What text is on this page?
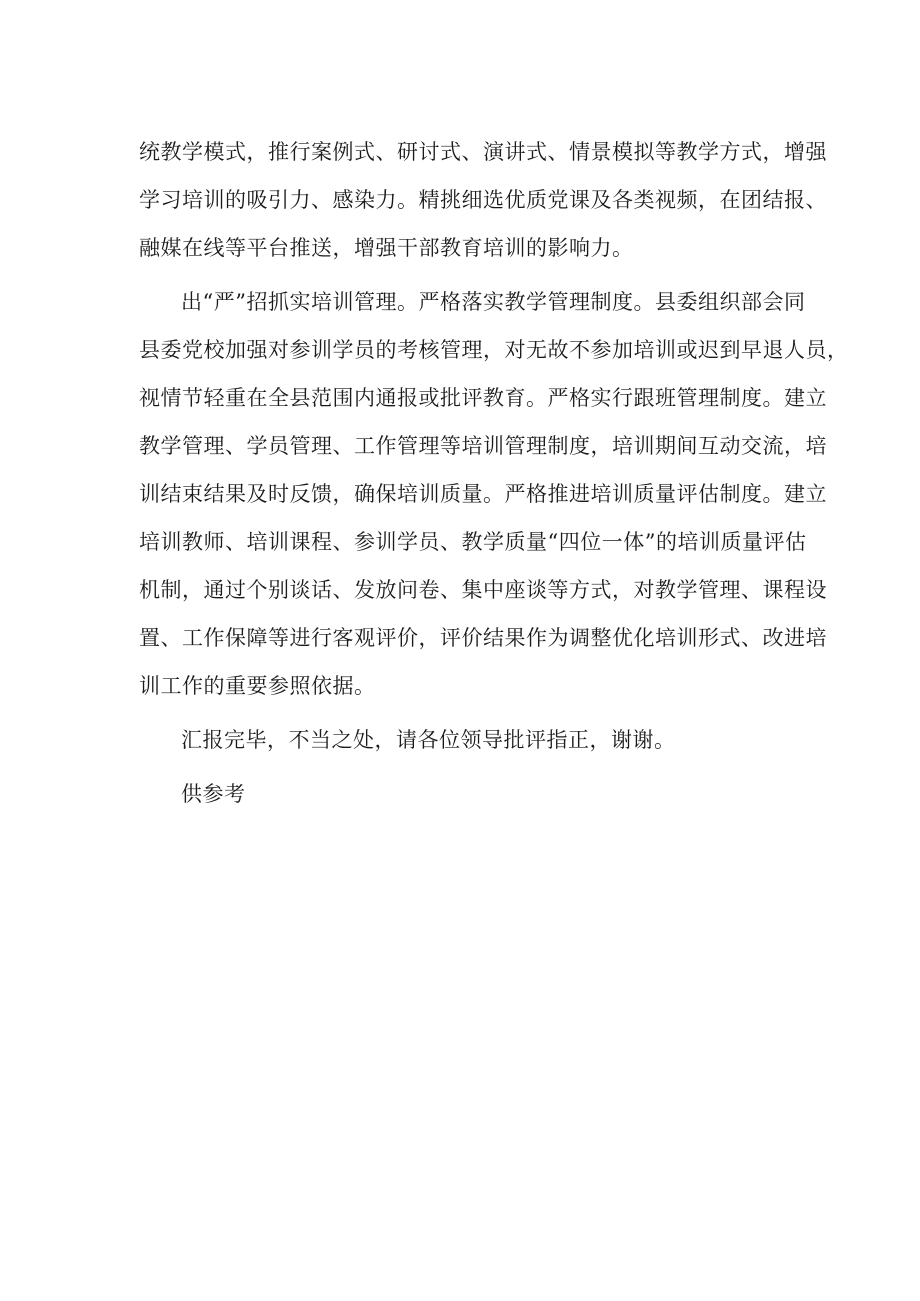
统教学模式，推行案例式、研讨式、演讲式、情景模拟等教学方式，增强
学习培训的吸引力、感染力。精挑细选优质党课及各类视频，在团结报、
融媒在线等平台推送，增强干部教育培训的影响力。
出“严”招抓实培训管理。严格落实教学管理制度。县委组织部会同
县委党校加强对参训学员的考核管理，对无故不参加培训或迟到早退人员，
视情节轻重在全县范围内通报或批评教育。严格实行跟班管理制度。建立
教学管理、学员管理、工作管理等培训管理制度，培训期间互动交流，培
训结束结果及时反馈，确保培训质量。严格推进培训质量评估制度。建立
培训教师、培训课程、参训学员、教学质量“四位一体”的培训质量评估
机制，通过个别谈话、发放问卷、集中座谈等方式，对教学管理、课程设
置、工作保障等进行客观评价，评价结果作为调整优化培训形式、改进培
训工作的重要参照依据。
汇报完毕，不当之处，请各位领导批评指正，谢谢。
供参考
